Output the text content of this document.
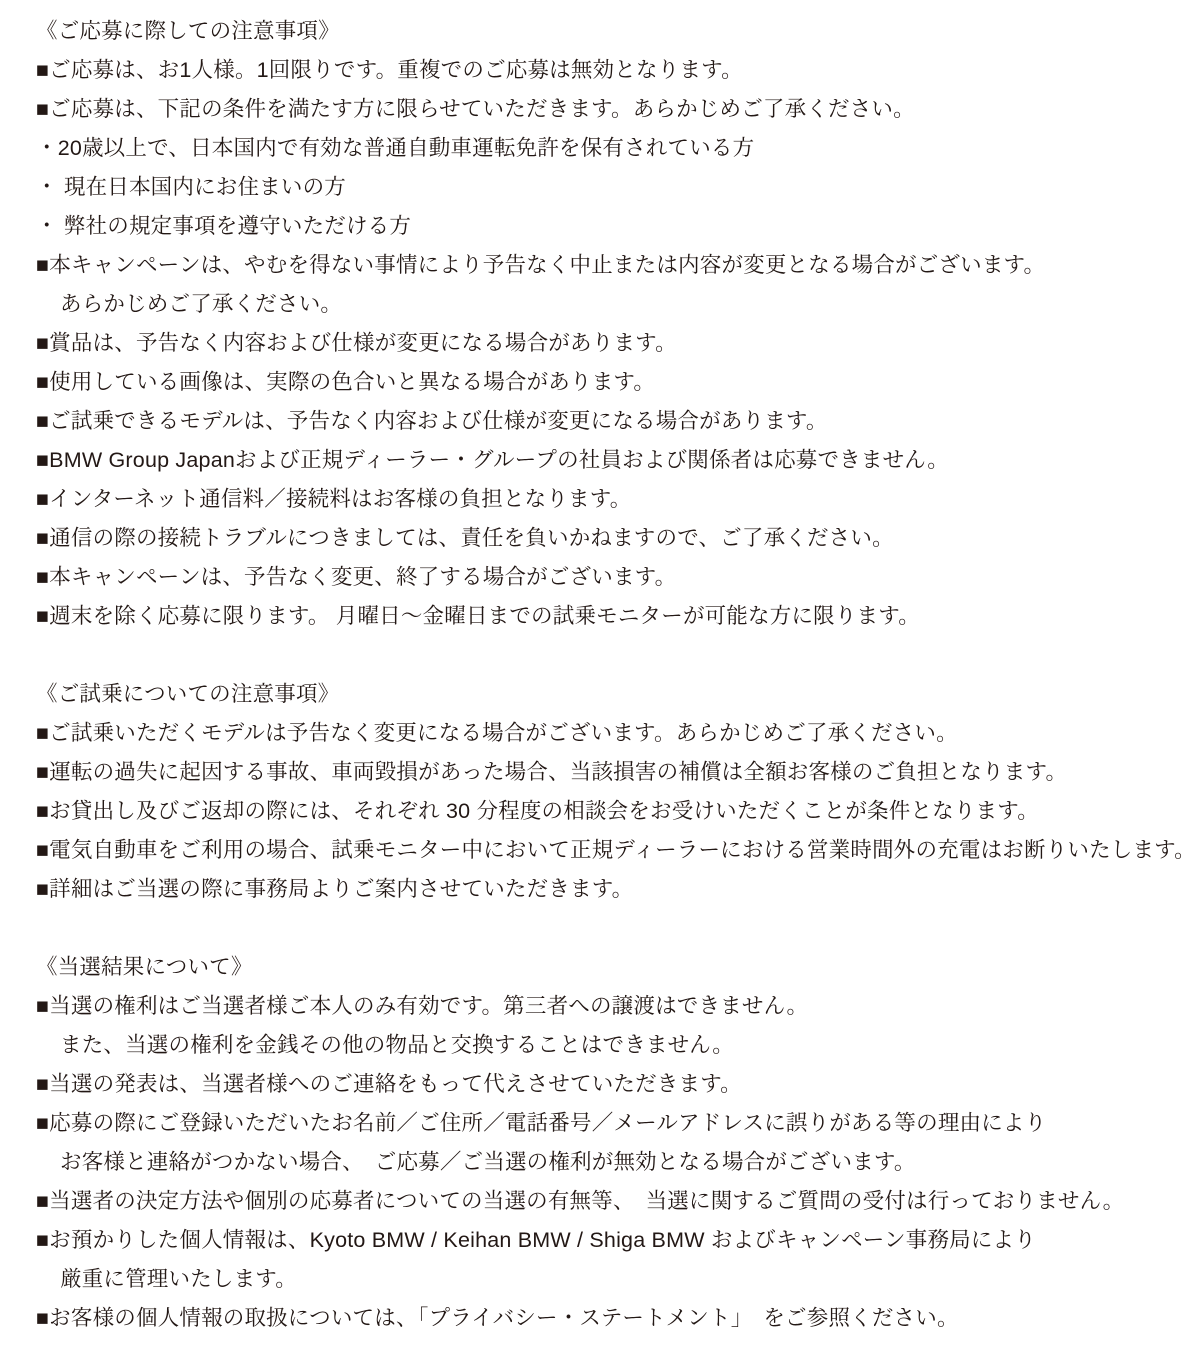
《ご応募に際しての注意事項》
■ご応募は、お1人様。1回限りです。重複でのご応募は無効となります。
■ご応募は、下記の条件を満たす方に限らせていただきます。あらかじめご了承ください。
・20歳以上で、日本国内で有効な普通自動車運転免許を保有されている方
・ 現在日本国内にお住まいの方
・ 弊社の規定事項を遵守いただける方
■本キャンペーンは、やむを得ない事情により予告なく中止または内容が変更となる場合がございます。
あらかじめご了承ください。
■賞品は、予告なく内容および仕様が変更になる場合があります。
■使用している画像は、実際の色合いと異なる場合があります。
■ご試乗できるモデルは、予告なく内容および仕様が変更になる場合があります。
■BMW Group Japanおよび正規ディーラー・グループの社員および関係者は応募できません。
■インターネット通信料／接続料はお客様の負担となります。
■通信の際の接続トラブルにつきましては、責任を負いかねますので、ご了承ください。
■本キャンペーンは、予告なく変更、終了する場合がございます。
■週末を除く応募に限ります。 月曜日～金曜日までの試乗モニターが可能な方に限ります。
《ご試乗についての注意事項》
■ご試乗いただくモデルは予告なく変更になる場合がございます。あらかじめご了承ください。
■運転の過失に起因する事故、車両毀損があった場合、当該損害の補償は全額お客様のご負担となります。
■お貸出し及びご返却の際には、それぞれ 30 分程度の相談会をお受けいただくことが条件となります。
■電気自動車をご利用の場合、試乗モニター中において正規ディーラーにおける営業時間外の充電はお断りいたします。
■詳細はご当選の際に事務局よりご案内させていただきます。
《当選結果について》
■当選の権利はご当選者様ご本人のみ有効です。第三者への譲渡はできません。
また、当選の権利を金銭その他の物品と交換することはできません。
■当選の発表は、当選者様へのご連絡をもって代えさせていただきます。
■応募の際にご登録いただいたお名前／ご住所／電話番号／メールアドレスに誤りがある等の理由により
お客様と連絡がつかない場合、　ご応募／ご当選の権利が無効となる場合がございます。
■当選者の決定方法や個別の応募者についての当選の有無等、　当選に関するご質問の受付は行っておりません。
■お預かりした個人情報は、Kyoto BMW / Keihan BMW / Shiga BMW およびキャンペーン事務局により
厳重に管理いたします。
■お客様の個人情報の取扱については、「プライバシー・ステートメント」　をご参照ください。
